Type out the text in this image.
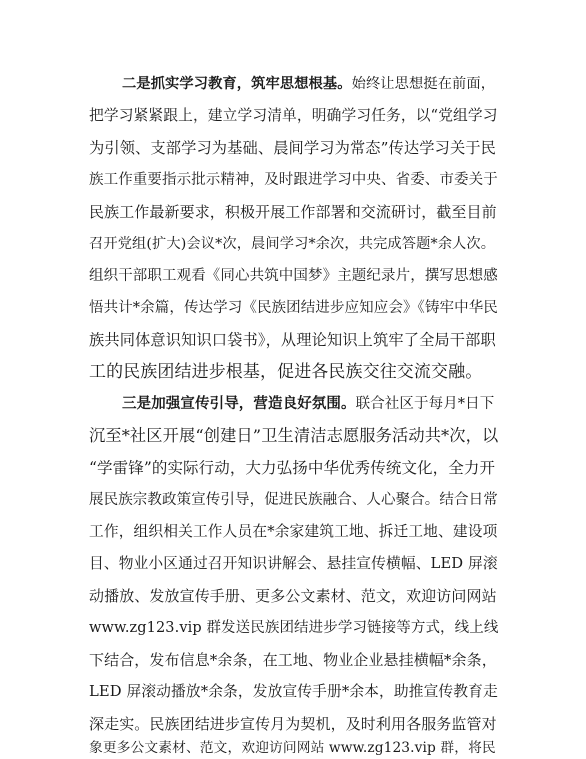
二是抓实学习教育，筑牢思想根基。始终让思想挺在前面，
把学习紧紧跟上，建立学习清单，明确学习任务，以“党组学习
为引领、支部学习为基础、晨间学习为常态”传达学习关于民
族工作重要指示批示精神，及时跟进学习中央、省委、市委关于
民族工作最新要求，积极开展工作部署和交流研讨，截至目前
召开党组(扩大)会议*次，晨间学习*余次，共完成答题*余人次。
组织干部职工观看《同心共筑中国梦》主题纪录片，撰写思想感
悟共计*余篇，传达学习《民族团结进步应知应会》《铸牢中华民
族共同体意识知识口袋书》，从理论知识上筑牢了全局干部职
工的民族团结进步根基，促进各民族交往交流交融。
三是加强宣传引导，营造良好氛围。联合社区于每月*日下
沉至*社区开展“创建日”卫生清洁志愿服务活动共*次，以
“学雷锋”的实际行动，大力弘扬中华优秀传统文化，全力开
展民族宗教政策宣传引导，促进民族融合、人心聚合。结合日常
工作，组织相关工作人员在*余家建筑工地、拆迁工地、建设项
目、物业小区通过召开知识讲解会、悬挂宣传横幅、LED 屏滚
动播放、发放宣传手册、更多公文素材、范文，欢迎访问网站
www.zg123.vip 群发送民族团结进步学习链接等方式，线上线
下结合，发布信息*余条，在工地、物业企业悬挂横幅*余条，
LED 屏滚动播放*余条，发放宣传手册*余本，助推宣传教育走
深走实。民族团结进步宣传月为契机，及时利用各服务监管对
象更多公文素材、范文，欢迎访问网站 www.zg123.vip 群，将民
